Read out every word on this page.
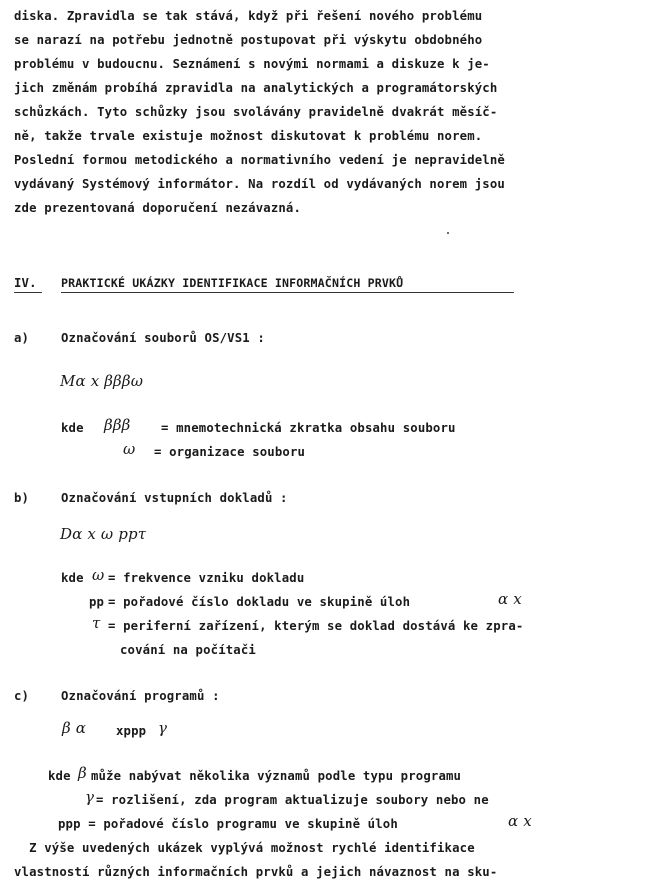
diska. Zpravidla se tak stává, když při řešení nového problému
se narazí na potřebu jednotně postupovat při výskytu obdobného
problému v budoucnu. Seznámení s novými normami a diskuze k je-
jich změnám probíhá zpravidla na analytických a programátorských
schůzkách. Tyto schůzky jsou svolávány pravidelně dvakrát měsíč-
ně, takže trvale existuje možnost diskutovat k problému norem.
Poslední formou metodického a normativního vedení je nepravidelně
vydávaný Systémový informátor. Na rozdíl od vydávaných norem jsou
zde prezentovaná doporučení nezávazná.
IV. PRAKTICKÉ UKÁZKY IDENTIFIKACE INFORMAČNÍCH PRVKŮ
a)	Označování souborů OS/VS1 :
Mα x βββω
kde βββ = mnemotechnická zkratka obsahu souboru
ω = organizace souboru
b)	Označování vstupních dokladů :
Dα x ω ppτ
kde ω = frekvence vzniku dokladu
pp = pořadové číslo dokladu ve skupině úloh	α x
τ = periferní zařízení, kterým se doklad dostává ke zpra-
cování na počítači
c)	Označování programů :
β α xppp γ
kde β může nabývat několika významů podle typu programu
γ = rozlišení, zda program aktualizuje soubory nebo ne
ppp = pořadové číslo programu ve skupině úloh	α x
Z výše uvedených ukázek vyplývá možnost rychlé identifikace
vlastností různých informačních prvků a jejich návaznost na sku-
